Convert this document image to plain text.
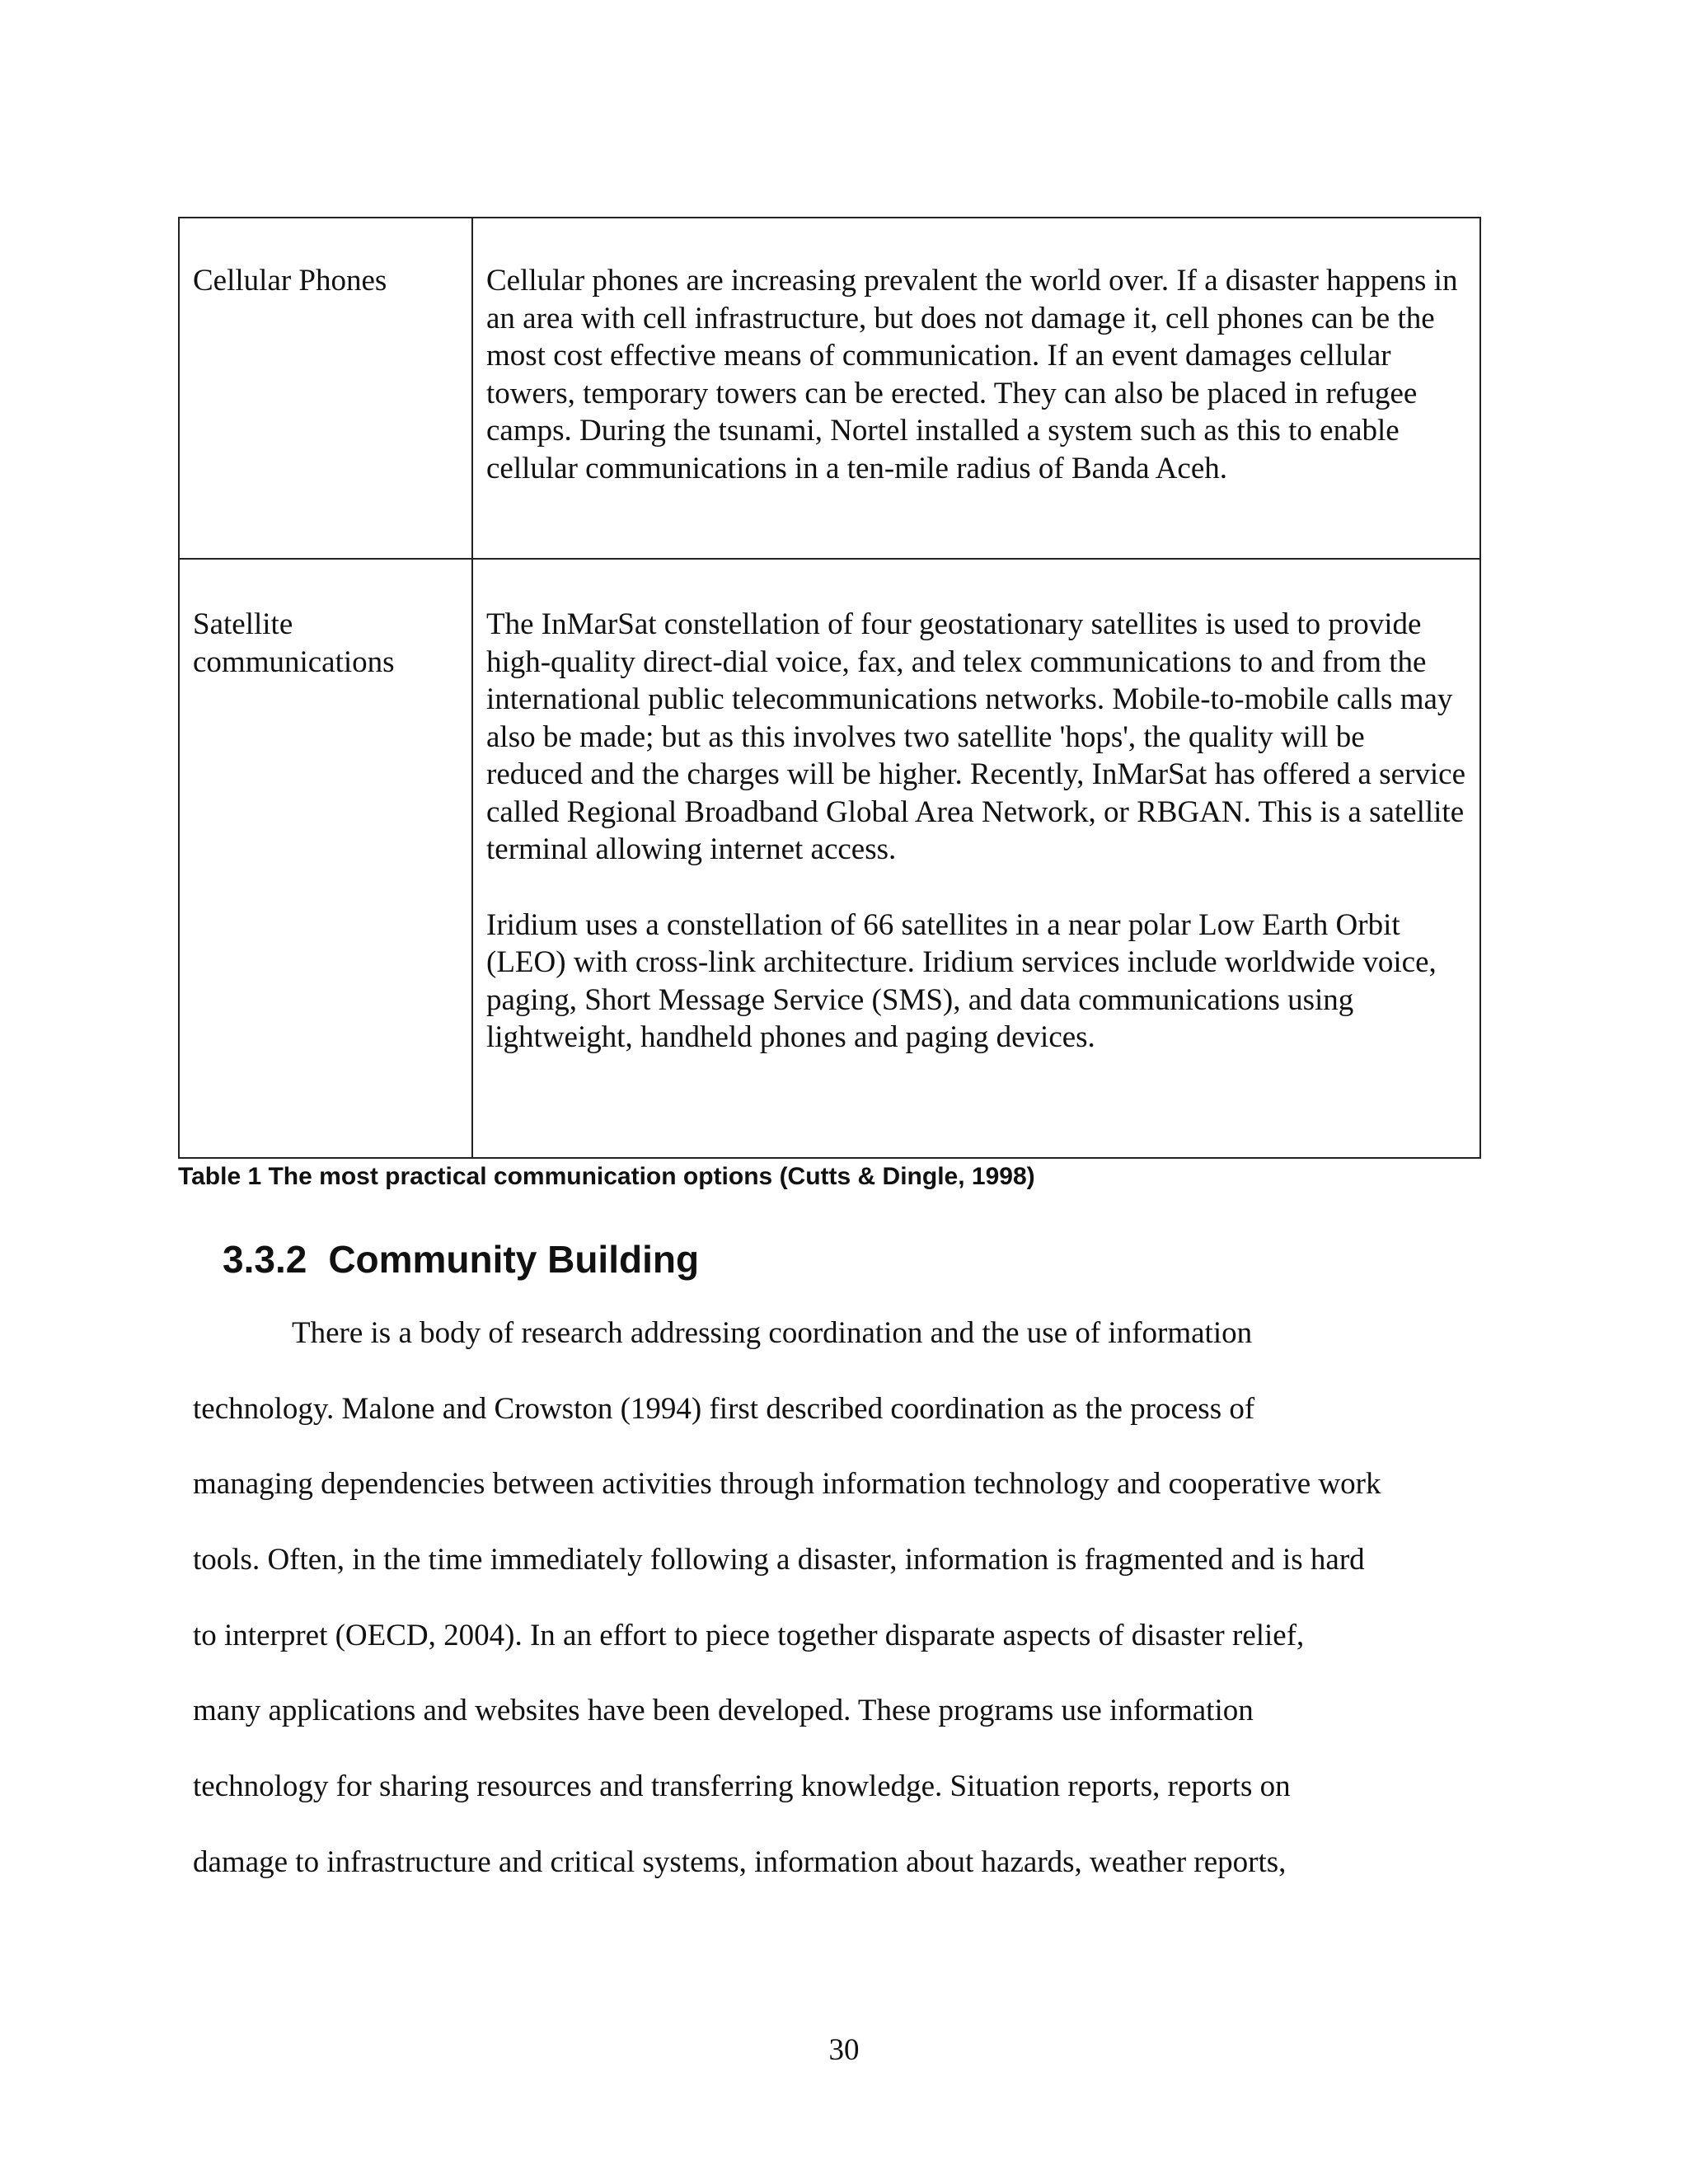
Cellular Phones	Cellular phones are increasing prevalent the world over. If a disaster happens in an area with cell infrastructure, but does not damage it, cell phones can be the most cost effective means of communication. If an event damages cellular towers, temporary towers can be erected. They can also be placed in refugee camps. During the tsunami, Nortel installed a system such as this to enable cellular communications in a ten-mile radius of Banda Aceh.

Satellite communications	The InMarSat constellation of four geostationary satellites is used to provide high-quality direct-dial voice, fax, and telex communications to and from the international public telecommunications networks. Mobile-to-mobile calls may also be made; but as this involves two satellite 'hops', the quality will be reduced and the charges will be higher. Recently, InMarSat has offered a service called Regional Broadband Global Area Network, or RBGAN. This is a satellite terminal allowing internet access.

Iridium uses a constellation of 66 satellites in a near polar Low Earth Orbit (LEO) with cross-link architecture. Iridium services include worldwide voice, paging, Short Message Service (SMS), and data communications using lightweight, handheld phones and paging devices.

Table 1 The most practical communication options (Cutts & Dingle, 1998)
3.3.2 Community Building
There is a body of research addressing coordination and the use of information
technology. Malone and Crowston (1994) first described coordination as the process of
managing dependencies between activities through information technology and cooperative work
tools. Often, in the time immediately following a disaster, information is fragmented and is hard
to interpret (OECD, 2004). In an effort to piece together disparate aspects of disaster relief,
many applications and websites have been developed. These programs use information
technology for sharing resources and transferring knowledge. Situation reports, reports on
damage to infrastructure and critical systems, information about hazards, weather reports,
30
